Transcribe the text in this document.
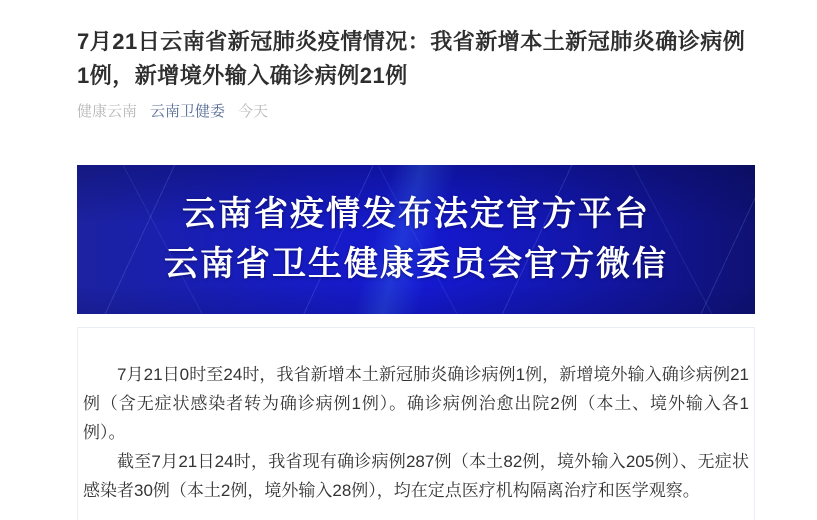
7月21日云南省新冠肺炎疫情情况：我省新增本土新冠肺炎确诊病例1例，新增境外输入确诊病例21例
健康云南 云南卫健委 今天
云南省疫情发布法定官方平台
云南省卫生健康委员会官方微信

7月21日0时至24时，我省新增本土新冠肺炎确诊病例1例，新增境外输入确诊病例21例（含无症状感染者转为确诊病例1例）。确诊病例治愈出院2例（本土、境外输入各1例）。

截至7月21日24时，我省现有确诊病例287例（本土82例，境外输入205例）、无症状感染者30例（本土2例，境外输入28例），均在定点医疗机构隔离治疗和医学观察。
